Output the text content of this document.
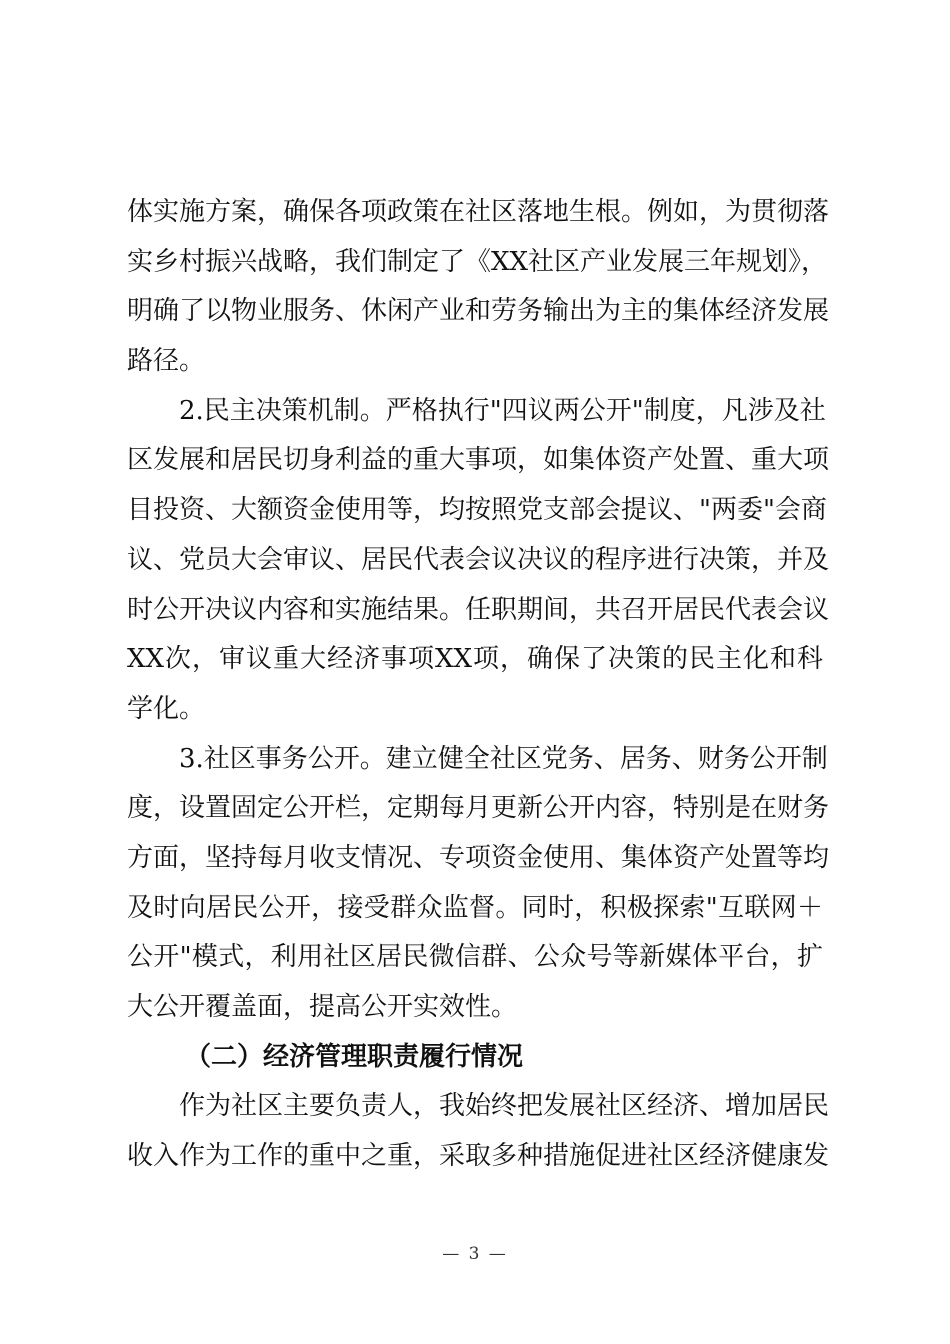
体实施方案，确保各项政策在社区落地生根。例如，为贯彻落
实乡村振兴战略，我们制定了《XX社区产业发展三年规划》，
明确了以物业服务、休闲产业和劳务输出为主的集体经济发展
路径。
2.民主决策机制。严格执行"四议两公开"制度，凡涉及社
区发展和居民切身利益的重大事项，如集体资产处置、重大项
目投资、大额资金使用等，均按照党支部会提议、"两委"会商
议、党员大会审议、居民代表会议决议的程序进行决策，并及
时公开决议内容和实施结果。任职期间，共召开居民代表会议
XX次，审议重大经济事项XX项，确保了决策的民主化和科
学化。
3.社区事务公开。建立健全社区党务、居务、财务公开制
度，设置固定公开栏，定期每月更新公开内容，特别是在财务
方面，坚持每月收支情况、专项资金使用、集体资产处置等均
及时向居民公开，接受群众监督。同时，积极探索"互联网＋
公开"模式，利用社区居民微信群、公众号等新媒体平台，扩
大公开覆盖面，提高公开实效性。
（二）经济管理职责履行情况
作为社区主要负责人，我始终把发展社区经济、增加居民
收入作为工作的重中之重，采取多种措施促进社区经济健康发
— 3 —
